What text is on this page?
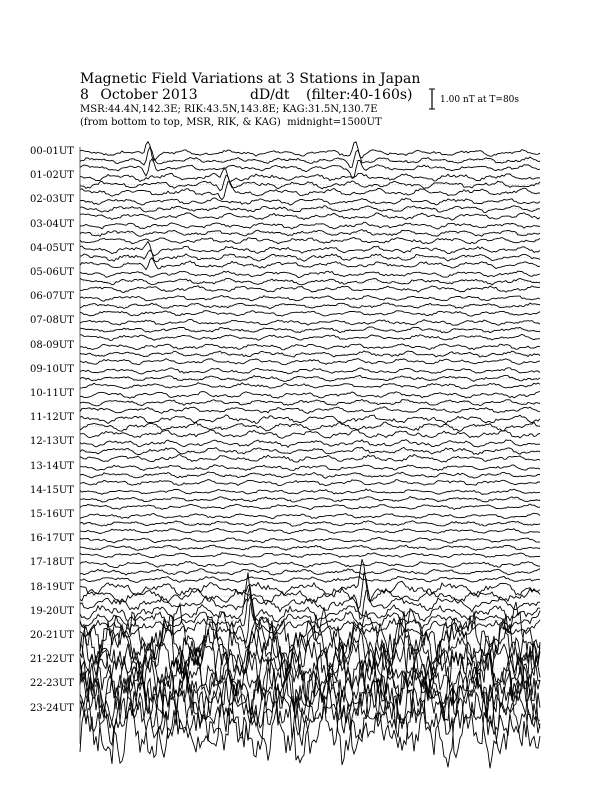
Magnetic Field Variations at 3 Stations in Japan
8 October 2013	dD/dt (filter:40-160s)
MSR:44.4N,142.3E; RIK:43.5N,143.8E; KAG:31.5N,130.7E
(from bottom to top, MSR, RIK, & KAG) midnight=1500UT
1.00 nT at T=80s
00-01UT
01-02UT
02-03UT
03-04UT
04-05UT
05-06UT
06-07UT
07-08UT
08-09UT
09-10UT
10-11UT
11-12UT
12-13UT
13-14UT
14-15UT
15-16UT
16-17UT
17-18UT
18-19UT
19-20UT
20-21UT
21-22UT
22-23UT
23-24UT
